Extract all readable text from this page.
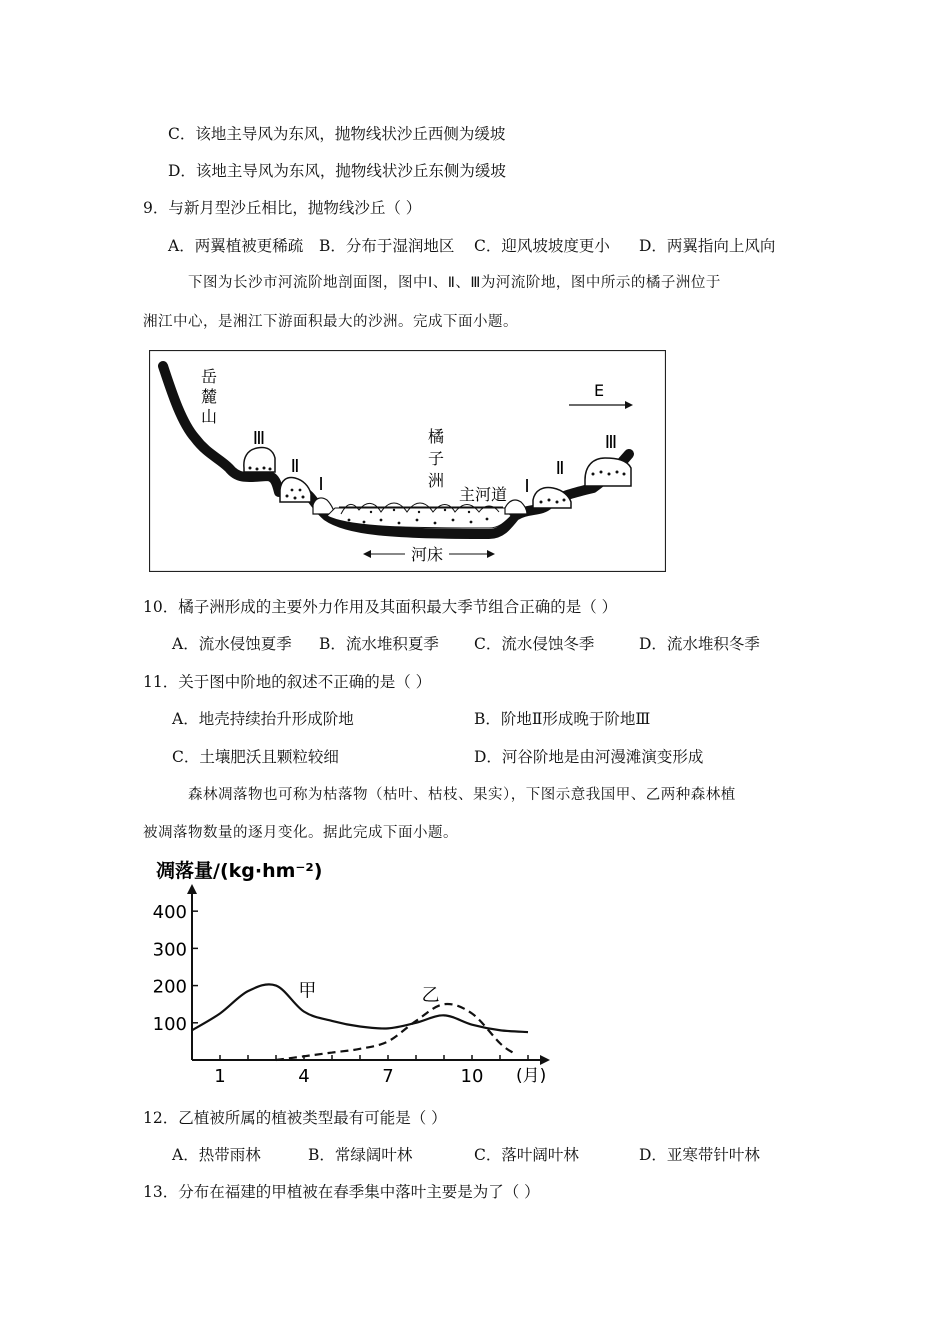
C．该地主导风为东风，抛物线状沙丘西侧为缓坡
D．该地主导风为东风，抛物线状沙丘东侧为缓坡
9．与新月型沙丘相比，抛物线沙丘（ ）
A．两翼植被更稀疏 B．分布于湿润地区 C．迎风坡坡度更小 D．两翼指向上风向
下图为长沙市河流阶地剖面图，图中Ⅰ、Ⅱ、Ⅲ为河流阶地，图中所示的橘子洲位于
湘江中心，是湘江下游面积最大的沙洲。完成下面小题。
岳
麓
山
橘
子
洲
主河道
Ⅲ
Ⅱ
Ⅰ	Ⅰ
Ⅱ
Ⅲ
E
河床
10．橘子洲形成的主要外力作用及其面积最大季节组合正确的是（ ）
A．流水侵蚀夏季 B．流水堆积夏季 C．流水侵蚀冬季	D．流水堆积冬季
11．关于图中阶地的叙述不正确的是（ ）
A．地壳持续抬升形成阶地	B．阶地Ⅱ形成晚于阶地Ⅲ
C．土壤肥沃且颗粒较细	D．河谷阶地是由河漫滩演变形成
森林凋落物也可称为枯落物（枯叶、枯枝、果实），下图示意我国甲、乙两种森林植
被凋落物数量的逐月变化。据此完成下面小题。
凋落量/(kg·hm⁻²)
100
200
300
400
1	4	7	10
甲	乙
(月)
12．乙植被所属的植被类型最有可能是（ ）
A．热带雨林	B．常绿阔叶林	C．落叶阔叶林	D．亚寒带针叶林
13．分布在福建的甲植被在春季集中落叶主要是为了（ ）
